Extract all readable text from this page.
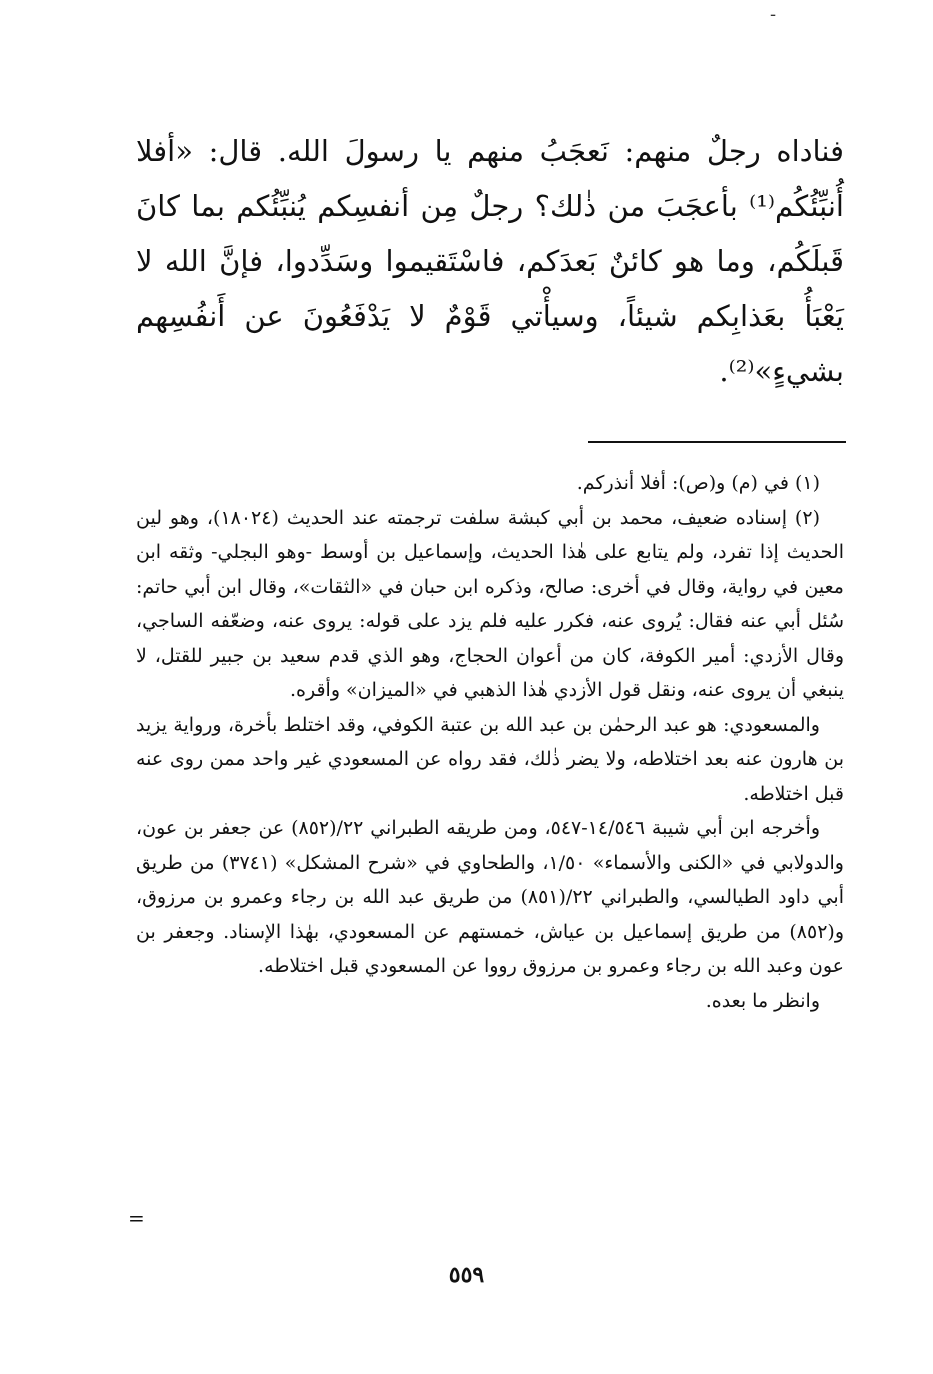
-

فناداه رجلٌ منهم: نَعجَبُ منهم يا رسولَ الله. قال: «أفلا أُنبِّئُكُم⁽¹⁾ بأعجَبَ من ذٰلك؟ رجلٌ مِن أنفسِكم يُنبِّئُكم بما كانَ قَبلَكُم، وما هو كائنٌ بَعدَكم، فاسْتَقيموا وسَدِّدوا، فإنَّ الله لا يَعْبَأُ بعَذابِكم شيئاً، وسيأْتي قَوْمٌ لا يَدْفَعُونَ عن أَنفُسِهم بشيءٍ»⁽²⁾.

(١) في (م) و(ص): أفلا أنذركم.

(٢) إسناده ضعيف، محمد بن أبي كبشة سلفت ترجمته عند الحديث (١٨٠٢٤)، وهو لين الحديث إذا تفرد، ولم يتابع على هٰذا الحديث، وإسماعيل بن أوسط -وهو البجلي- وثقه ابن معين في رواية، وقال في أخرى: صالح، وذكره ابن حبان في «الثقات»، وقال ابن أبي حاتم: سُئل أبي عنه فقال: يُروى عنه، فكرر عليه فلم يزد على قوله: يروى عنه، وضعّفه الساجي، وقال الأزدي: أمير الكوفة، كان من أعوان الحجاج، وهو الذي قدم سعيد بن جبير للقتل، لا ينبغي أن يروى عنه، ونقل قول الأزدي هٰذا الذهبي في «الميزان» وأقره.

والمسعودي: هو عبد الرحمٰن بن عبد الله بن عتبة الكوفي، وقد اختلط بأخرة، ورواية يزيد بن هارون عنه بعد اختلاطه، ولا يضر ذٰلك، فقد رواه عن المسعودي غير واحد ممن روى عنه قبل اختلاطه.

وأخرجه ابن أبي شيبة ١٤/٥٤٦-٥٤٧، ومن طريقه الطبراني ٢٢/(٨٥٢) عن جعفر بن عون، والدولابي في «الكنى والأسماء» ١/٥٠، والطحاوي في «شرح المشكل» (٣٧٤١) من طريق أبي داود الطيالسي، والطبراني ٢٢/(٨٥١) من طريق عبد الله بن رجاء وعمرو بن مرزوق، و(٨٥٢) من طريق إسماعيل بن عياش، خمستهم عن المسعودي، بهٰذا الإسناد. وجعفر بن عون وعبد الله بن رجاء وعمرو بن مرزوق رووا عن المسعودي قبل اختلاطه.

وانظر ما بعده.

=
٥٥٩
